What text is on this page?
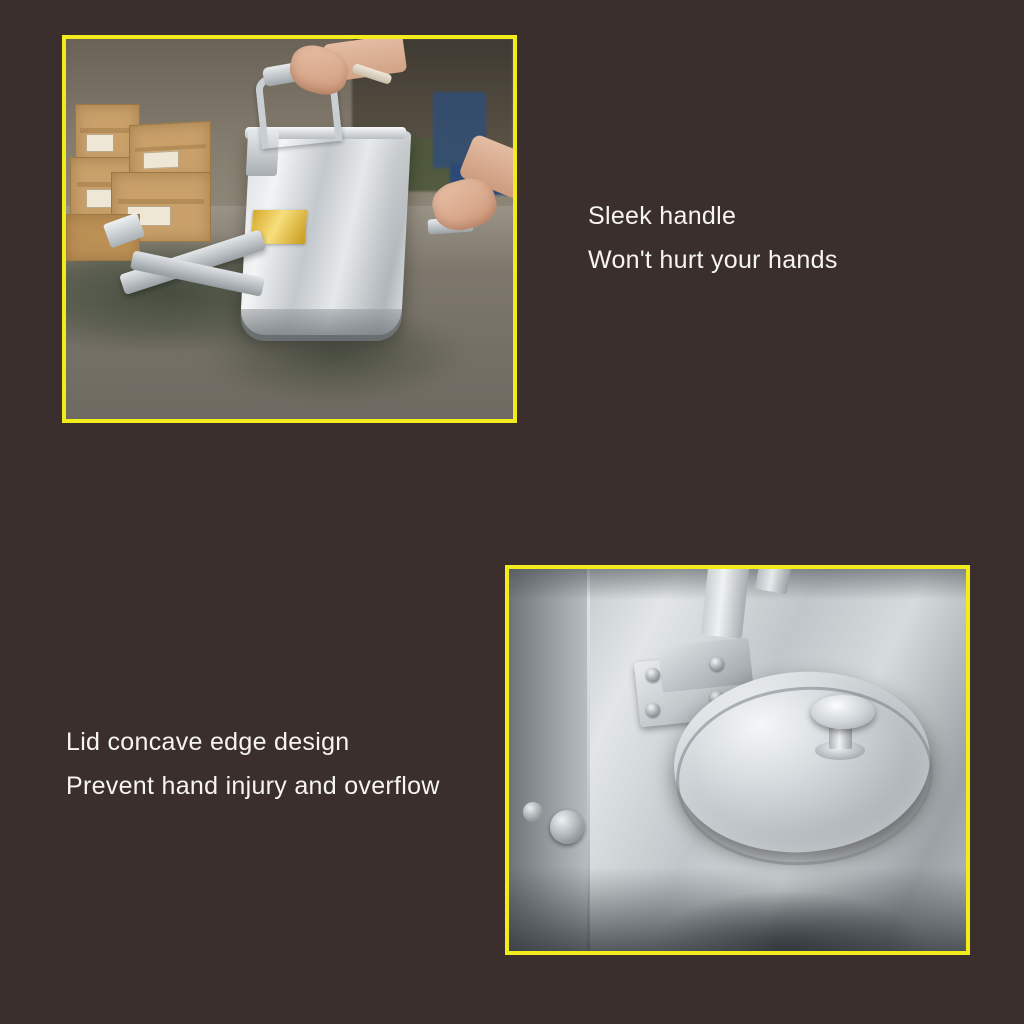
Sleek handle
Won't hurt your hands
Lid concave edge design
Prevent hand injury and overflow
